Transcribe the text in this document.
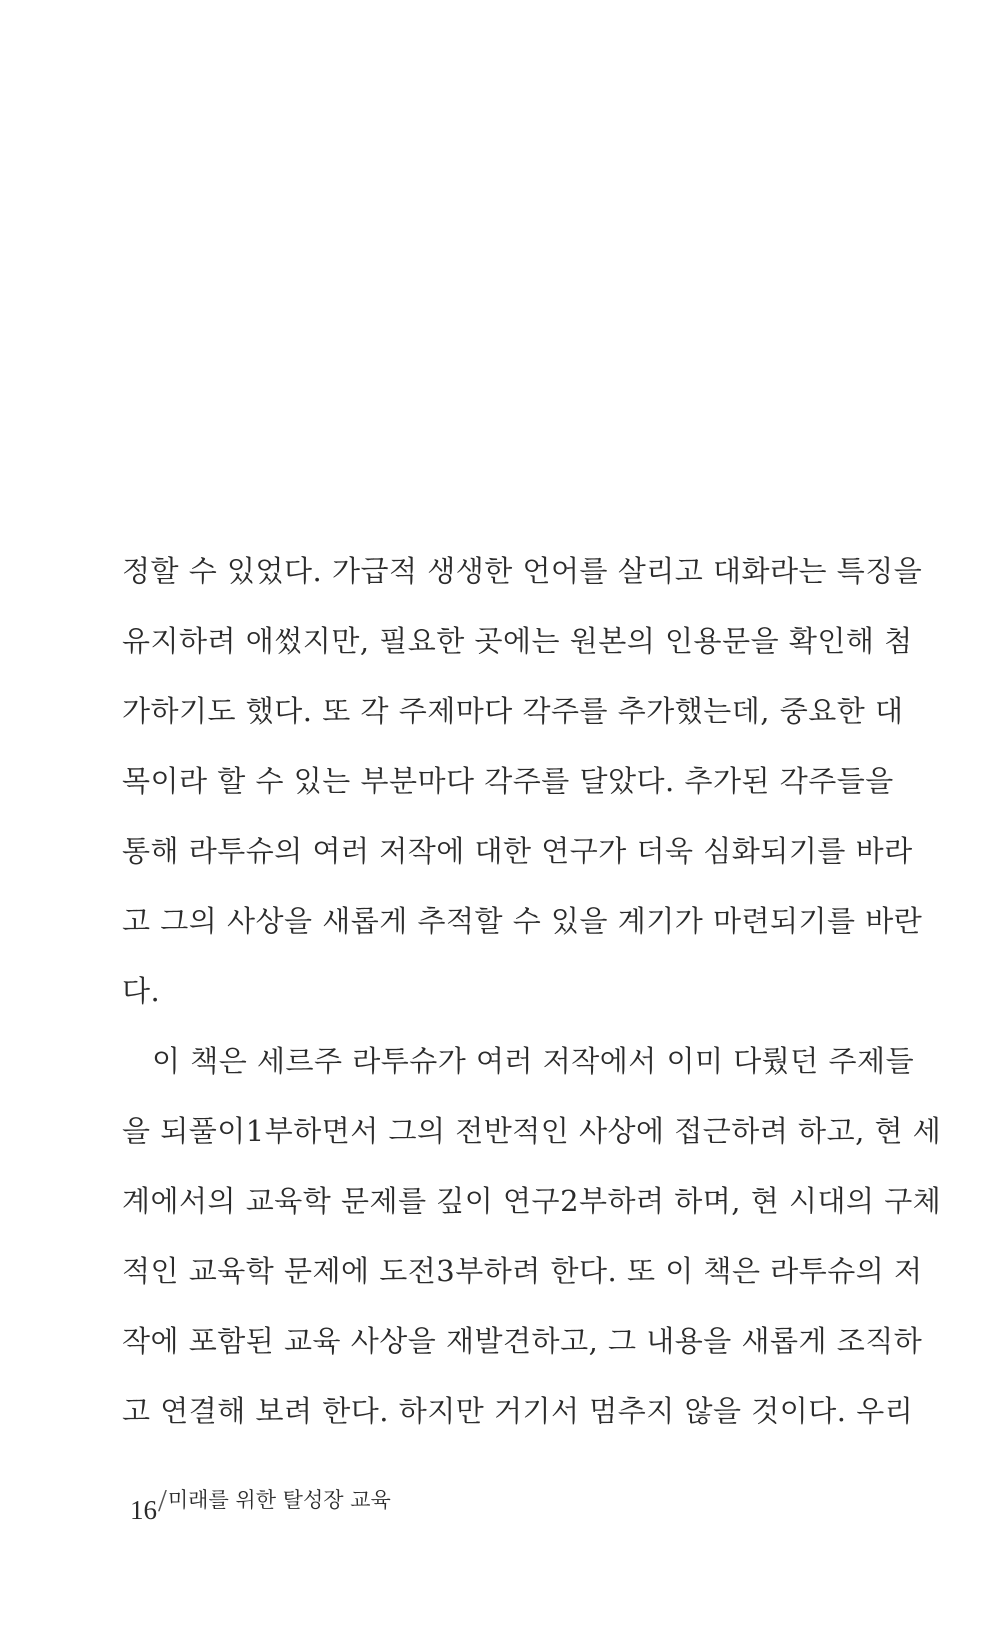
정할 수 있었다. 가급적 생생한 언어를 살리고 대화라는 특징을
유지하려 애썼지만, 필요한 곳에는 원본의 인용문을 확인해 첨
가하기도 했다. 또 각 주제마다 각주를 추가했는데, 중요한 대
목이라 할 수 있는 부분마다 각주를 달았다. 추가된 각주들을
통해 라투슈의 여러 저작에 대한 연구가 더욱 심화되기를 바라
고 그의 사상을 새롭게 추적할 수 있을 계기가 마련되기를 바란
다.
이 책은 세르주 라투슈가 여러 저작에서 이미 다뤘던 주제들
을 되풀이1부하면서 그의 전반적인 사상에 접근하려 하고, 현 세
계에서의 교육학 문제를 깊이 연구2부하려 하며, 현 시대의 구체
적인 교육학 문제에 도전3부하려 한다. 또 이 책은 라투슈의 저
작에 포함된 교육 사상을 재발견하고, 그 내용을 새롭게 조직하
고 연결해 보려 한다. 하지만 거기서 멈추지 않을 것이다. 우리
16/미래를 위한 탈성장 교육
